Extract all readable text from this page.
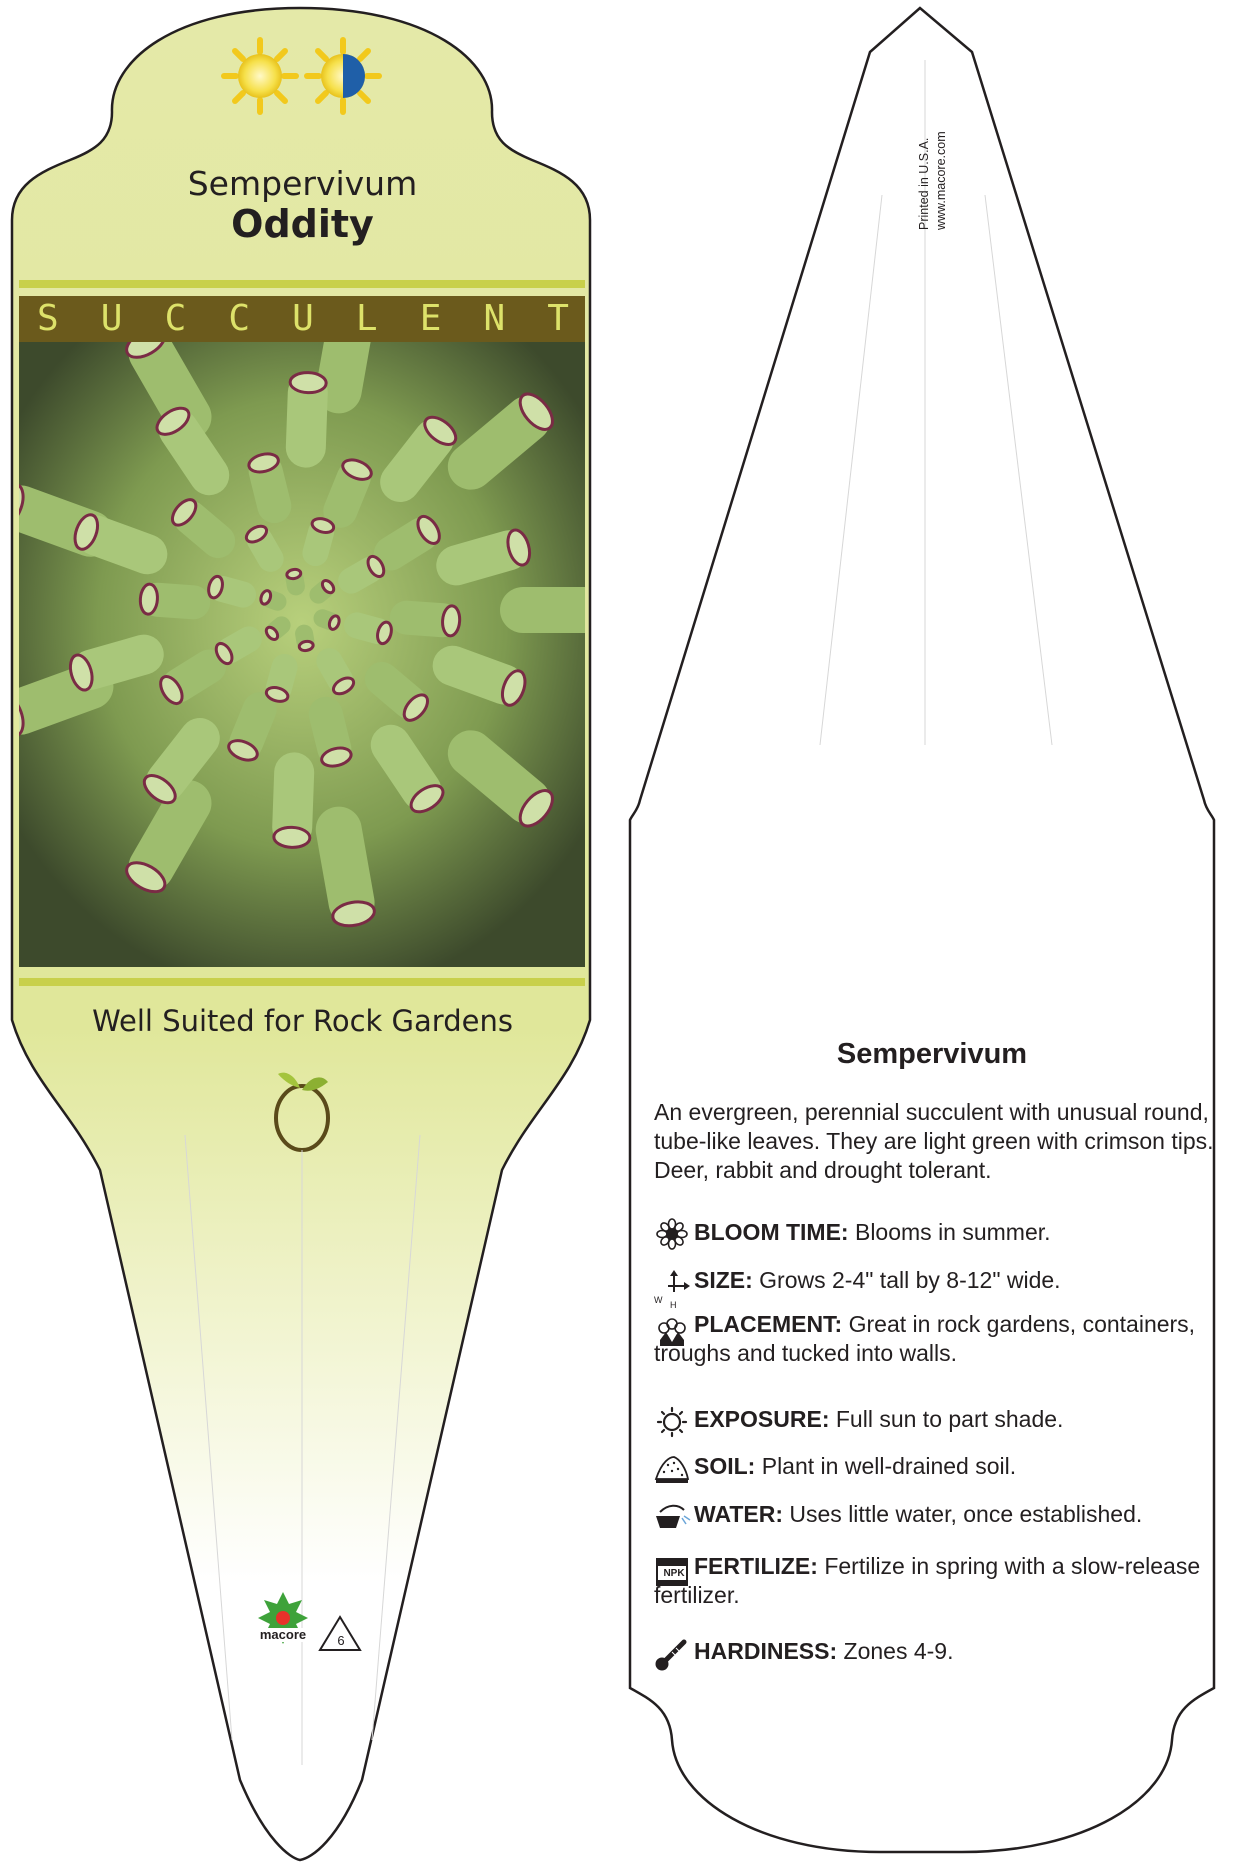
Sempervivum
Oddity
S U C C U L E N T
Well Suited for Rock Gardens
macore	6
Printed in U.S.A. www.macore.com
Sempervivum
An evergreen, perennial succulent with unusual round, tube-like leaves. They are light green with crimson tips. Deer, rabbit and drought tolerant.
W H
NPK
BLOOM TIME: Blooms in summer.
SIZE: Grows 2-4" tall by 8-12" wide.
PLACEMENT: Great in rock gardens, containers, troughs and tucked into walls.
EXPOSURE: Full sun to part shade.
SOIL: Plant in well-drained soil.
WATER: Uses little water, once established.
FERTILIZE: Fertilize in spring with a slow-release fertilizer.
HARDINESS: Zones 4-9.
